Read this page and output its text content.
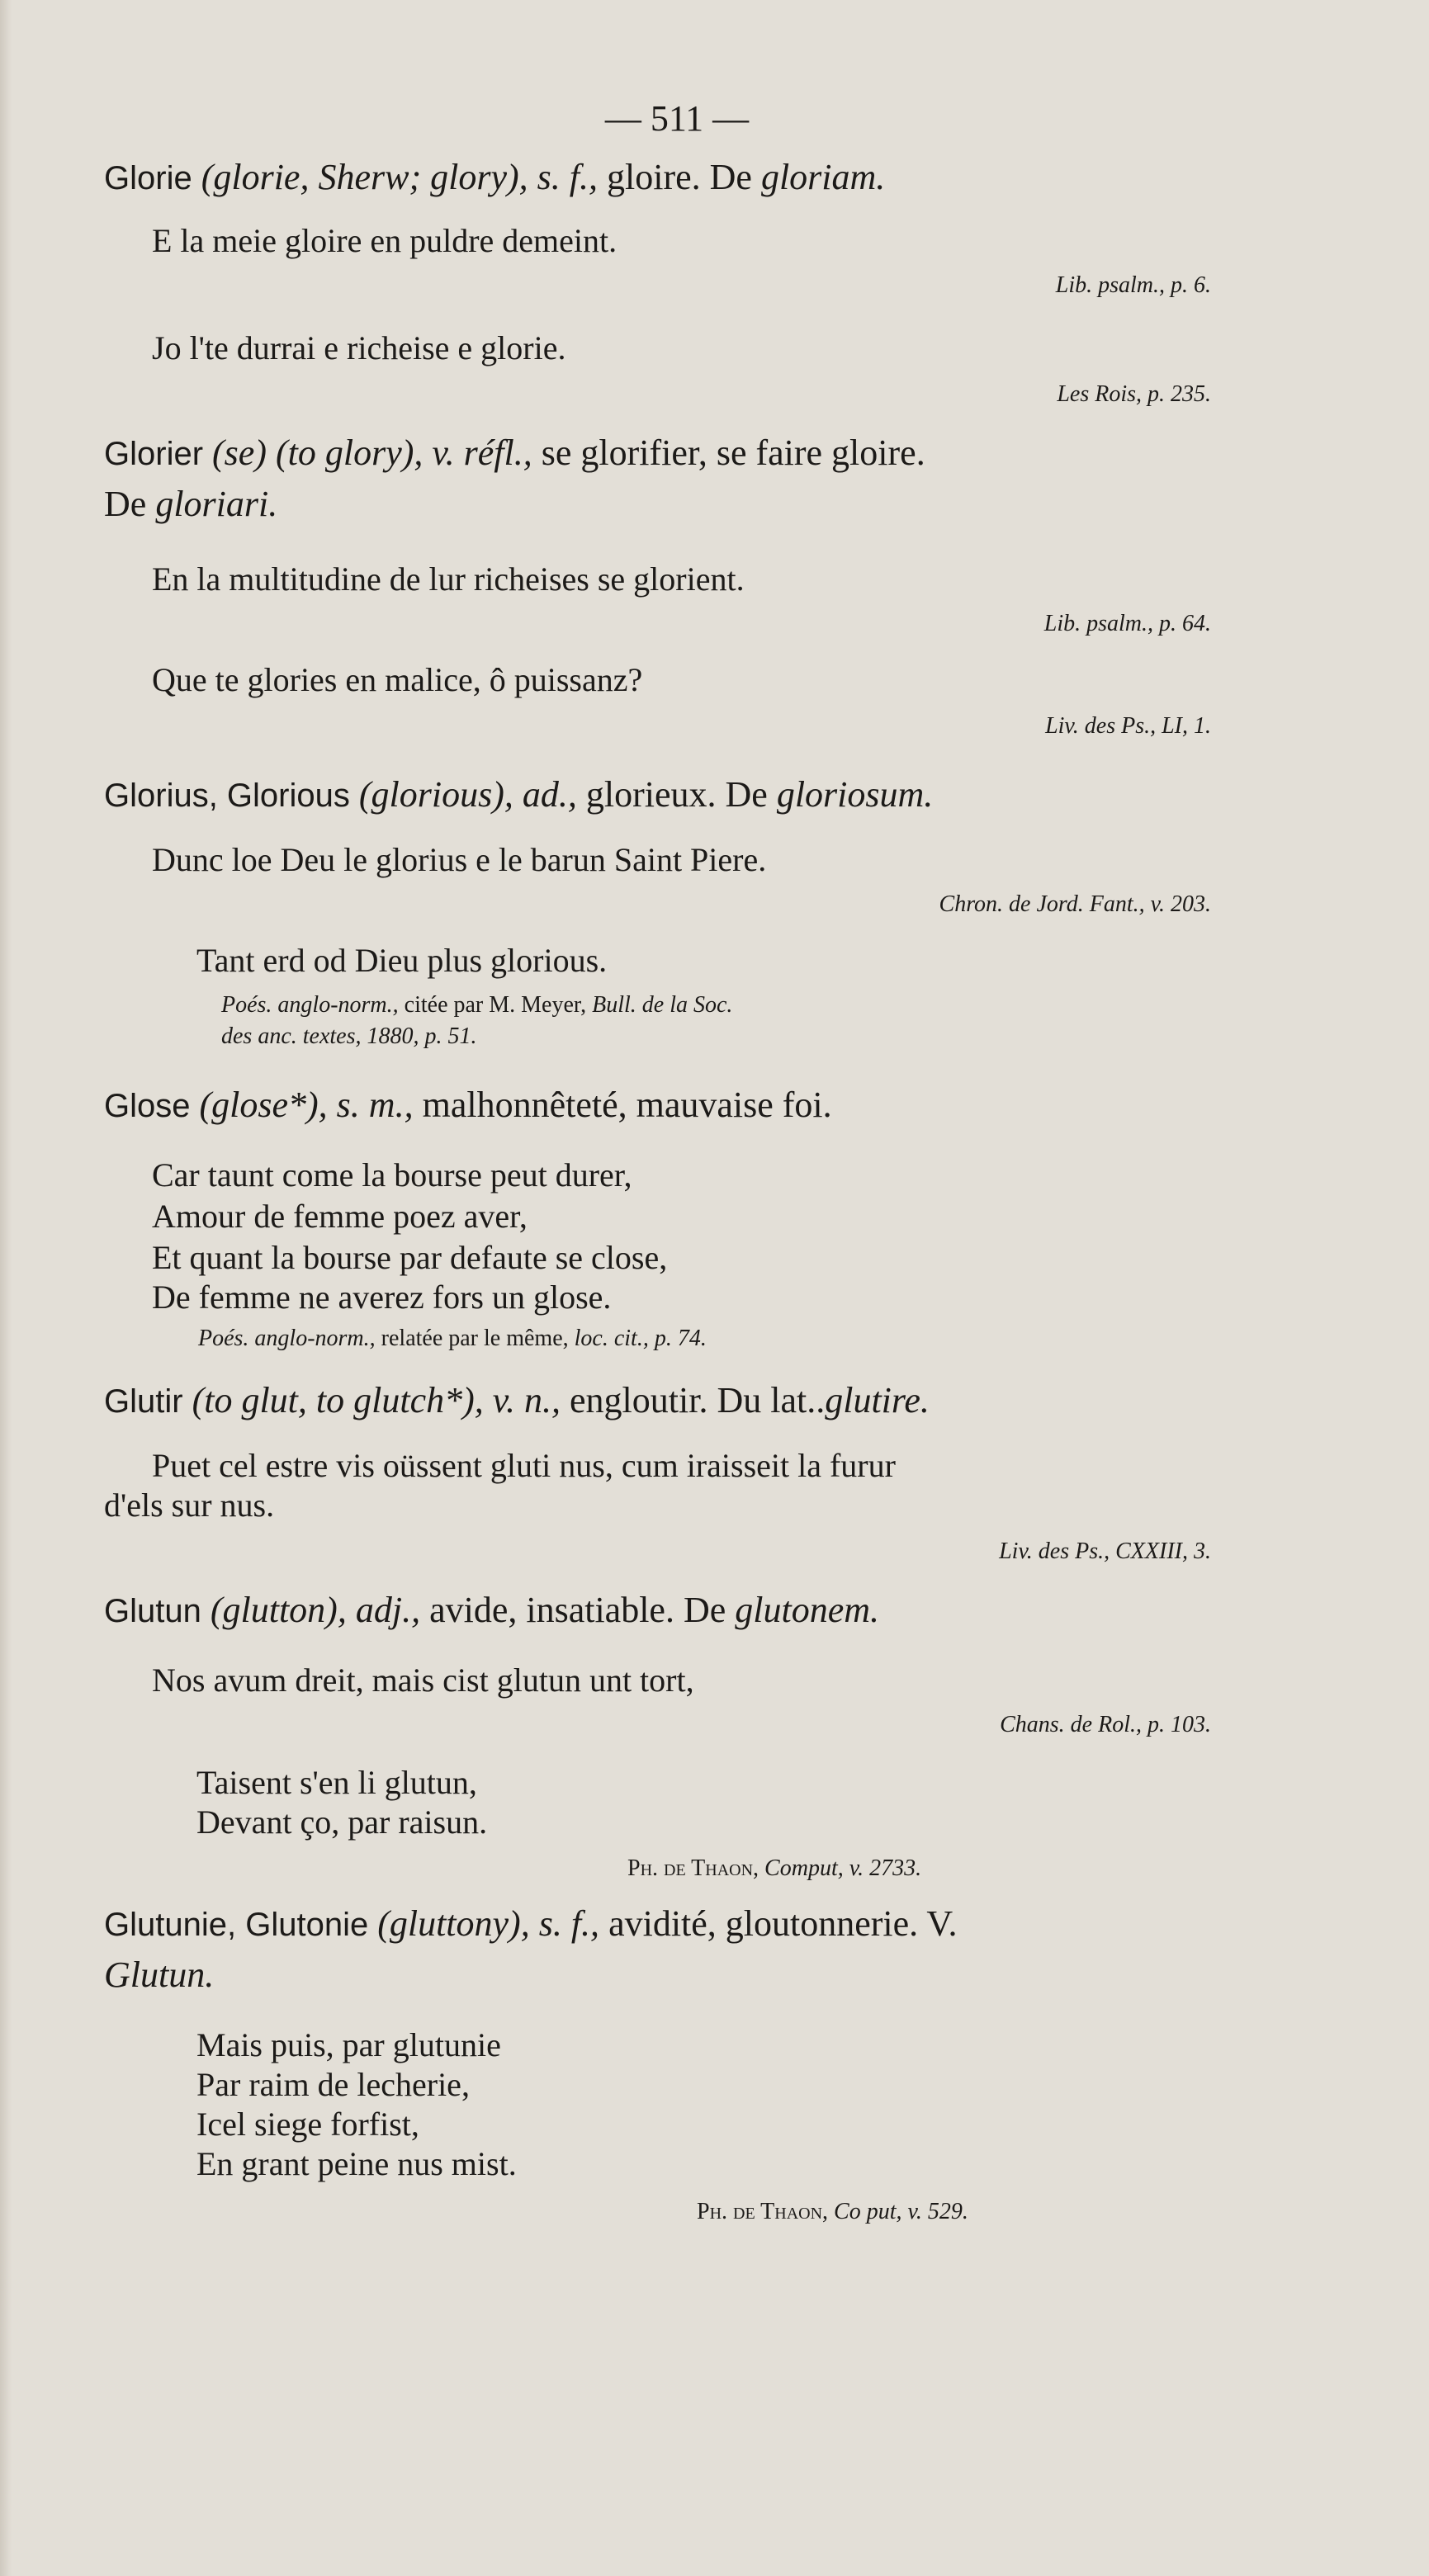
— 511 —
Glorie (glorie, Sherw; glory), s. f., gloire. De gloriam.
E la meie gloire en puldre demeint.
Lib. psalm., p. 6.
Jo l'te durrai e richeise e glorie.
Les Rois, p. 235.
Glorier (se) (to glory), v. réfl., se glorifier, se faire gloire.
De gloriari.
En la multitudine de lur richeises se glorient.
Lib. psalm., p. 64.
Que te glories en malice, ô puissanz?
Liv. des Ps., LI, 1.
Glorius, Glorious (glorious), ad., glorieux. De gloriosum.
Dunc loe Deu le glorius e le barun Saint Piere.
Chron. de Jord. Fant., v. 203.
Tant erd od Dieu plus glorious.
Poés. anglo-norm., citée par M. Meyer, Bull. de la Soc.
des anc. textes, 1880, p. 51.
Glose (glose*), s. m., malhonnêteté, mauvaise foi.
Car taunt come la bourse peut durer,
Amour de femme poez aver,
Et quant la bourse par defaute se close,
De femme ne averez fors un glose.
Poés. anglo-norm., relatée par le même, loc. cit., p. 74.
Glutir (to glut, to glutch*), v. n., engloutir. Du lat..glutire.
Puet cel estre vis oüssent gluti nus, cum iraisseit la furur
d'els sur nus.
Liv. des Ps., CXXIII, 3.
Glutun (glutton), adj., avide, insatiable. De glutonem.
Nos avum dreit, mais cist glutun unt tort,
Chans. de Rol., p. 103.
Taisent s'en li glutun,
Devant ço, par raisun.
Ph. de Thaon, Comput, v. 2733.
Glutunie, Glutonie (gluttony), s. f., avidité, gloutonnerie. V.
Glutun.
Mais puis, par glutunie
Par raim de lecherie,
Icel siege forfist,
En grant peine nus mist.
Ph. de Thaon, Co put, v. 529.
